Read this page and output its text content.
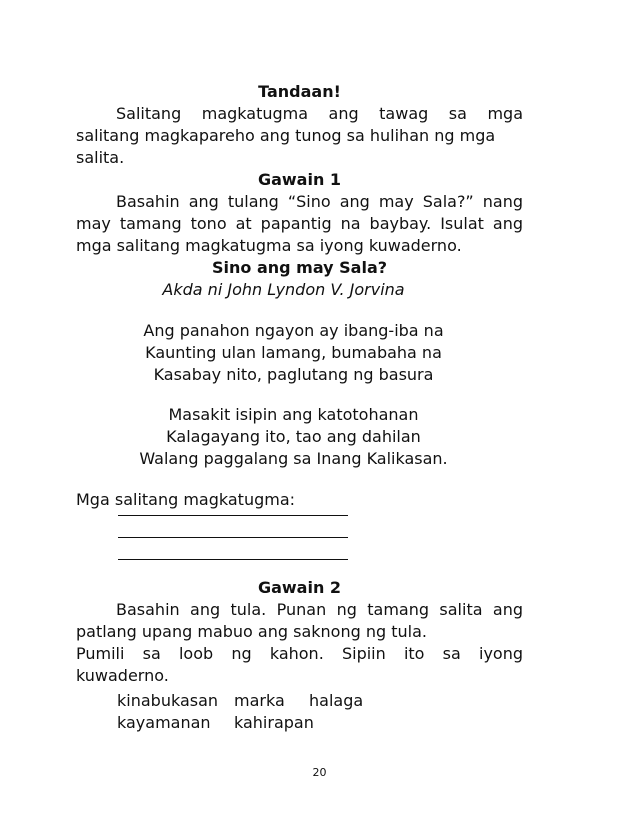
Tandaan!
Salitang magkatugma ang tawag sa mga
salitang magkapareho ang tunog sa hulihan ng mga
salita.
Gawain 1
Basahin ang tulang “Sino ang may Sala?” nang
may tamang tono at papantig na baybay. Isulat ang
mga salitang magkatugma sa iyong kuwaderno.
Sino ang may Sala?
Akda ni John Lyndon V. Jorvina
Ang panahon ngayon ay ibang-iba na
Kaunting ulan lamang, bumabaha na
Kasabay nito, paglutang ng basura
Masakit isipin ang katotohanan
Kalagayang ito, tao ang dahilan
Walang paggalang sa Inang Kalikasan.
Mga salitang magkatugma:
Gawain 2
Basahin ang tula. Punan ng tamang salita ang
patlang upang mabuo ang saknong ng tula.
Pumili sa loob ng kahon. Sipiin ito sa iyong
kuwaderno.
kinabukasan marka halaga
kayamanan kahirapan
20
